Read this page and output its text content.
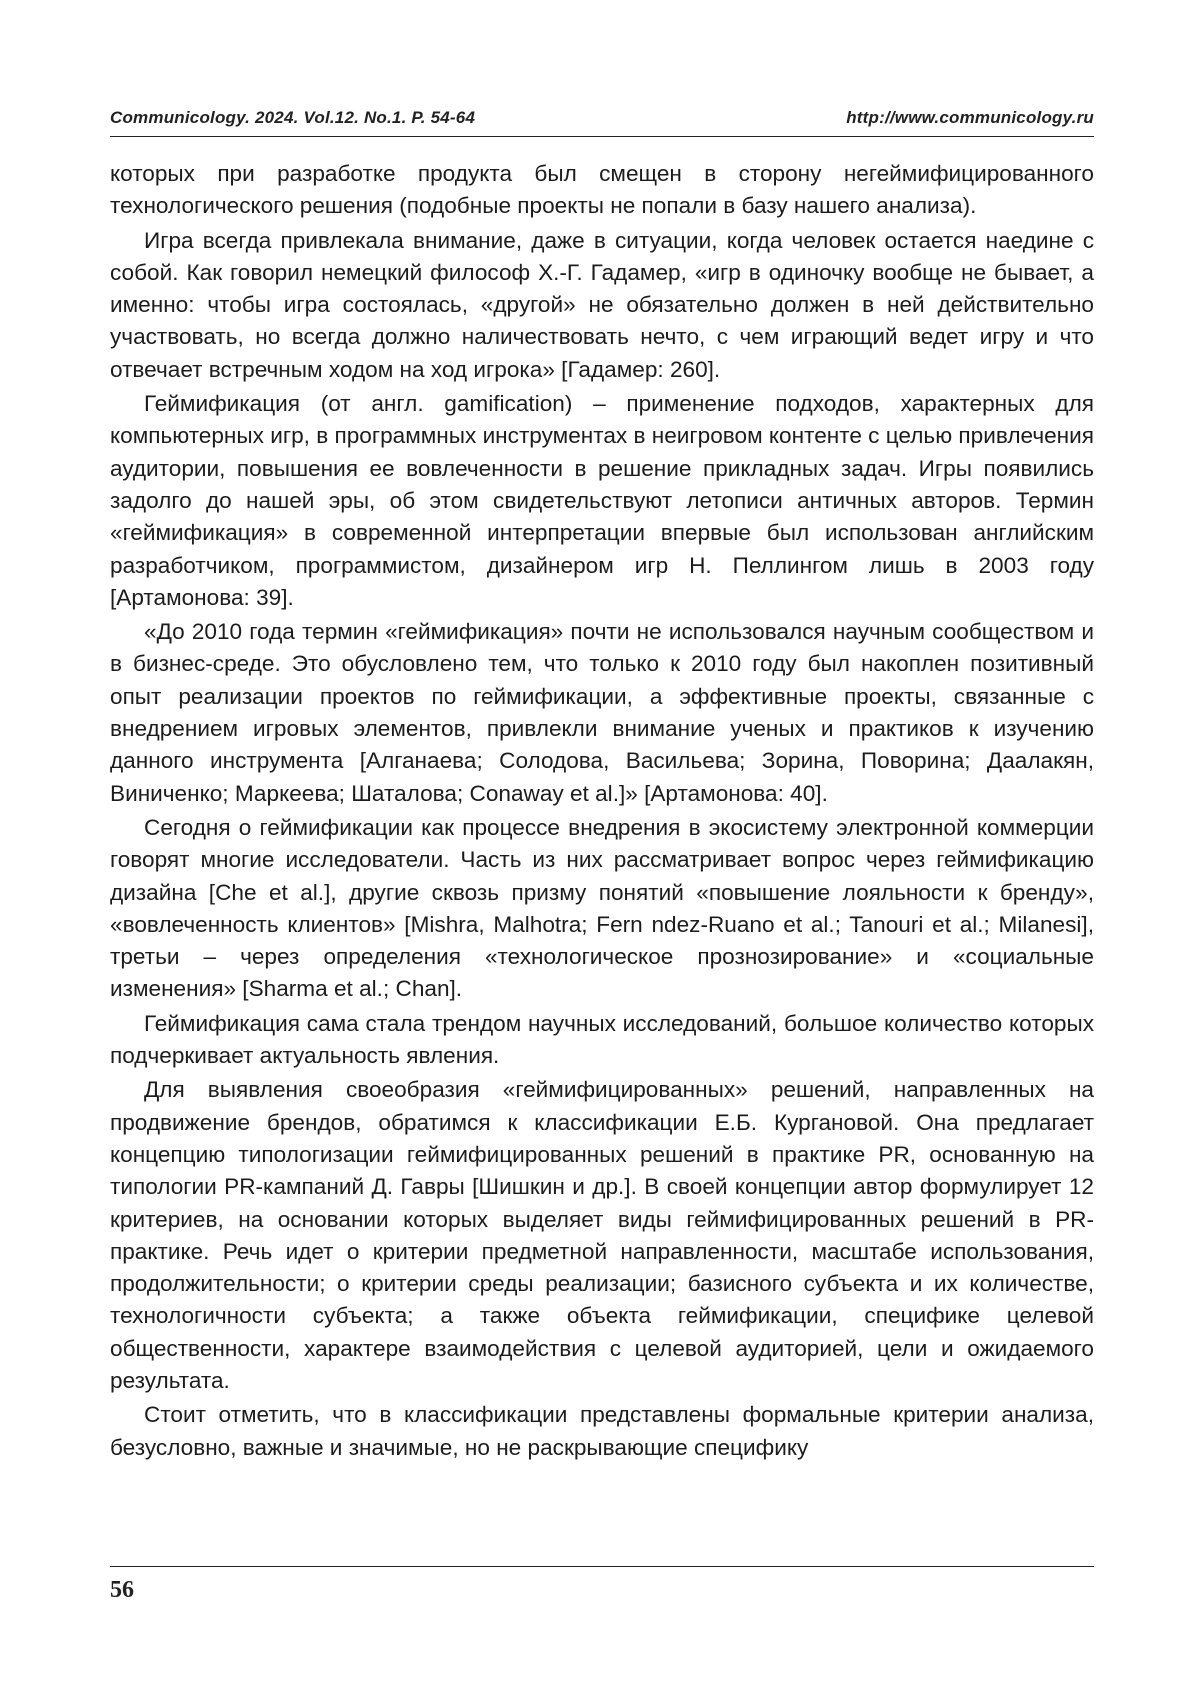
Communicology. 2024. Vol.12. No.1. P. 54-64	http://www.communicology.ru

которых при разработке продукта был смещен в сторону негеймифицированного технологического решения (подобные проекты не попали в базу нашего анализа).

Игра всегда привлекала внимание, даже в ситуации, когда человек остается наедине с собой. Как говорил немецкий философ Х.-Г. Гадамер, «игр в одиночку вообще не бывает, а именно: чтобы игра состоялась, «другой» не обязательно должен в ней действительно участвовать, но всегда должно наличествовать нечто, с чем играющий ведет игру и что отвечает встречным ходом на ход игрока» [Гадамер: 260].

Геймификация (от англ. gamification) – применение подходов, характерных для компьютерных игр, в программных инструментах в неигровом контенте с целью привлечения аудитории, повышения ее вовлеченности в решение прикладных задач. Игры появились задолго до нашей эры, об этом свидетельствуют летописи античных авторов. Термин «геймификация» в современной интерпретации впервые был использован английским разработчиком, программистом, дизайнером игр Н. Пеллингом лишь в 2003 году [Артамонова: 39].

«До 2010 года термин «геймификация» почти не использовался научным сообществом и в бизнес-среде. Это обусловлено тем, что только к 2010 году был накоплен позитивный опыт реализации проектов по геймификации, а эффективные проекты, связанные с внедрением игровых элементов, привлекли внимание ученых и практиков к изучению данного инструмента [Алганаева; Солодова, Васильева; Зорина, Поворина; Даалакян, Виниченко; Маркеева; Шаталова; Conaway et al.]» [Артамонова: 40].

Сегодня о геймификации как процессе внедрения в экосистему электронной коммерции говорят многие исследователи. Часть из них рассматривает вопрос через геймификацию дизайна [Che et al.], другие сквозь призму понятий «повышение лояльности к бренду», «вовлеченность клиентов» [Mishra, Malhotra; Fern ndez-Ruano et al.; Tanouri et al.; Milanesi], третьи – через определения «технологическое прознозирование» и «социальные изменения» [Sharma et al.; Chan].

Геймификация сама стала трендом научных исследований, большое количество которых подчеркивает актуальность явления.

Для выявления своеобразия «геймифицированных» решений, направленных на продвижение брендов, обратимся к классификации Е.Б. Кургановой. Она предлагает концепцию типологизации геймифицированных решений в практике PR, основанную на типологии PR-кампаний Д. Гавры [Шишкин и др.]. В своей концепции автор формулирует 12 критериев, на основании которых выделяет виды геймифицированных решений в PR-практике. Речь идет о критерии предметной направленности, масштабе использования, продолжительности; о критерии среды реализации; базисного субъекта и их количестве, технологичности субъекта; а также объекта геймификации, специфике целевой общественности, характере взаимодействия с целевой аудиторией, цели и ожидаемого результата.

Стоит отметить, что в классификации представлены формальные критерии анализа, безусловно, важные и значимые, но не раскрывающие специфику

56
